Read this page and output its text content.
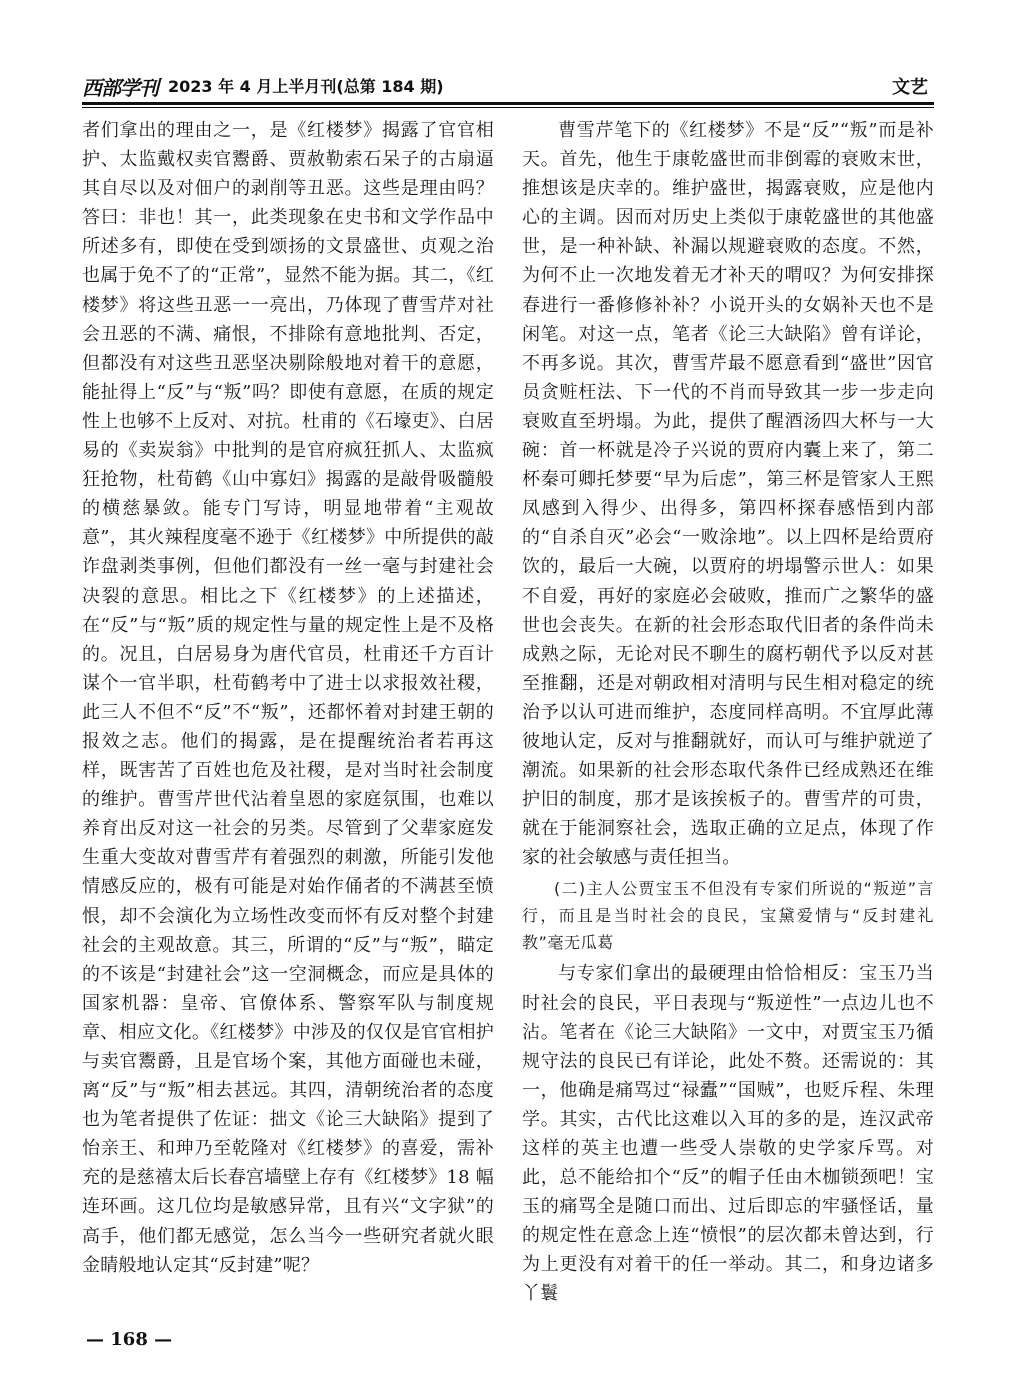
西部学刊 2023 年 4 月上半月刊(总第 184 期)	文艺

者们拿出的理由之一，是《红楼梦》揭露了官官相护、太监戴权卖官鬻爵、贾赦勒索石呆子的古扇逼其自尽以及对佃户的剥削等丑恶。这些是理由吗？答曰：非也！其一，此类现象在史书和文学作品中所述多有，即使在受到颂扬的文景盛世、贞观之治也属于免不了的“正常”，显然不能为据。其二，《红楼梦》将这些丑恶一一亮出，乃体现了曹雪芹对社会丑恶的不满、痛恨，不排除有意地批判、否定，但都没有对这些丑恶坚决剔除般地对着干的意愿，能扯得上“反”与“叛”吗？即使有意愿，在质的规定性上也够不上反对、对抗。杜甫的《石壕吏》、白居易的《卖炭翁》中批判的是官府疯狂抓人、太监疯狂抢物，杜荀鹤《山中寡妇》揭露的是敲骨吸髓般的横慈暴敛。能专门写诗，明显地带着“主观故意”，其火辣程度毫不逊于《红楼梦》中所提供的敲诈盘剥类事例，但他们都没有一丝一毫与封建社会决裂的意思。相比之下《红楼梦》的上述描述，在“反”与“叛”质的规定性与量的规定性上是不及格的。况且，白居易身为唐代官员，杜甫还千方百计谋个一官半职，杜荀鹤考中了进士以求报效社稷，此三人不但不“反”不“叛”，还都怀着对封建王朝的报效之志。他们的揭露，是在提醒统治者若再这样，既害苦了百姓也危及社稷，是对当时社会制度的维护。曹雪芹世代沾着皇恩的家庭氛围，也难以养育出反对这一社会的另类。尽管到了父辈家庭发生重大变故对曹雪芹有着强烈的刺激，所能引发他情感反应的，极有可能是对始作俑者的不满甚至愤恨，却不会演化为立场性改变而怀有反对整个封建社会的主观故意。其三，所谓的“反”与“叛”，瞄定的不该是“封建社会”这一空洞概念，而应是具体的国家机器：皇帝、官僚体系、警察军队与制度规章、相应文化。《红楼梦》中涉及的仅仅是官官相护与卖官鬻爵，且是官场个案，其他方面碰也未碰，离“反”与“叛”相去甚远。其四，清朝统治者的态度也为笔者提供了佐证：拙文《论三大缺陷》提到了怡亲王、和珅乃至乾隆对《红楼梦》的喜爱，需补充的是慈禧太后长春宫墙壁上存有《红楼梦》18 幅连环画。这几位均是敏感异常，且有兴“文字狱”的高手，他们都无感觉，怎么当今一些研究者就火眼金睛般地认定其“反封建”呢？

曹雪芹笔下的《红楼梦》不是“反”“叛”而是补天。首先，他生于康乾盛世而非倒霉的衰败末世，推想该是庆幸的。维护盛世，揭露衰败，应是他内心的主调。因而对历史上类似于康乾盛世的其他盛世，是一种补缺、补漏以规避衰败的态度。不然，为何不止一次地发着无才补天的喟叹？为何安排探春进行一番修修补补？小说开头的女娲补天也不是闲笔。对这一点，笔者《论三大缺陷》曾有详论，不再多说。其次，曹雪芹最不愿意看到“盛世”因官员贪赃枉法、下一代的不肖而导致其一步一步走向衰败直至坍塌。为此，提供了醒酒汤四大杯与一大碗：首一杯就是冷子兴说的贾府内囊上来了，第二杯秦可卿托梦要“早为后虑”，第三杯是管家人王熙凤感到入得少、出得多，第四杯探春感悟到内部的“自杀自灭”必会“一败涂地”。以上四杯是给贾府饮的，最后一大碗，以贾府的坍塌警示世人：如果不自爱，再好的家庭必会破败，推而广之繁华的盛世也会丧失。在新的社会形态取代旧者的条件尚未成熟之际，无论对民不聊生的腐朽朝代予以反对甚至推翻，还是对朝政相对清明与民生相对稳定的统治予以认可进而维护，态度同样高明。不宜厚此薄彼地认定，反对与推翻就好，而认可与维护就逆了潮流。如果新的社会形态取代条件已经成熟还在维护旧的制度，那才是该挨板子的。曹雪芹的可贵，就在于能洞察社会，选取正确的立足点，体现了作家的社会敏感与责任担当。

(二)主人公贾宝玉不但没有专家们所说的“叛逆”言行，而且是当时社会的良民，宝黛爱情与“反封建礼教”毫无瓜葛

与专家们拿出的最硬理由恰恰相反：宝玉乃当时社会的良民，平日表现与“叛逆性”一点边儿也不沾。笔者在《论三大缺陷》一文中，对贾宝玉乃循规守法的良民已有详论，此处不赘。还需说的：其一，他确是痛骂过“禄蠹”“国贼”，也贬斥程、朱理学。其实，古代比这难以入耳的多的是，连汉武帝这样的英主也遭一些受人崇敬的史学家斥骂。对此，总不能给扣个“反”的帽子任由木枷锁颈吧！宝玉的痛骂全是随口而出、过后即忘的牢骚怪话，量的规定性在意念上连“愤恨”的层次都未曾达到，行为上更没有对着干的任一举动。其二，和身边诸多丫鬟

— 168 —
